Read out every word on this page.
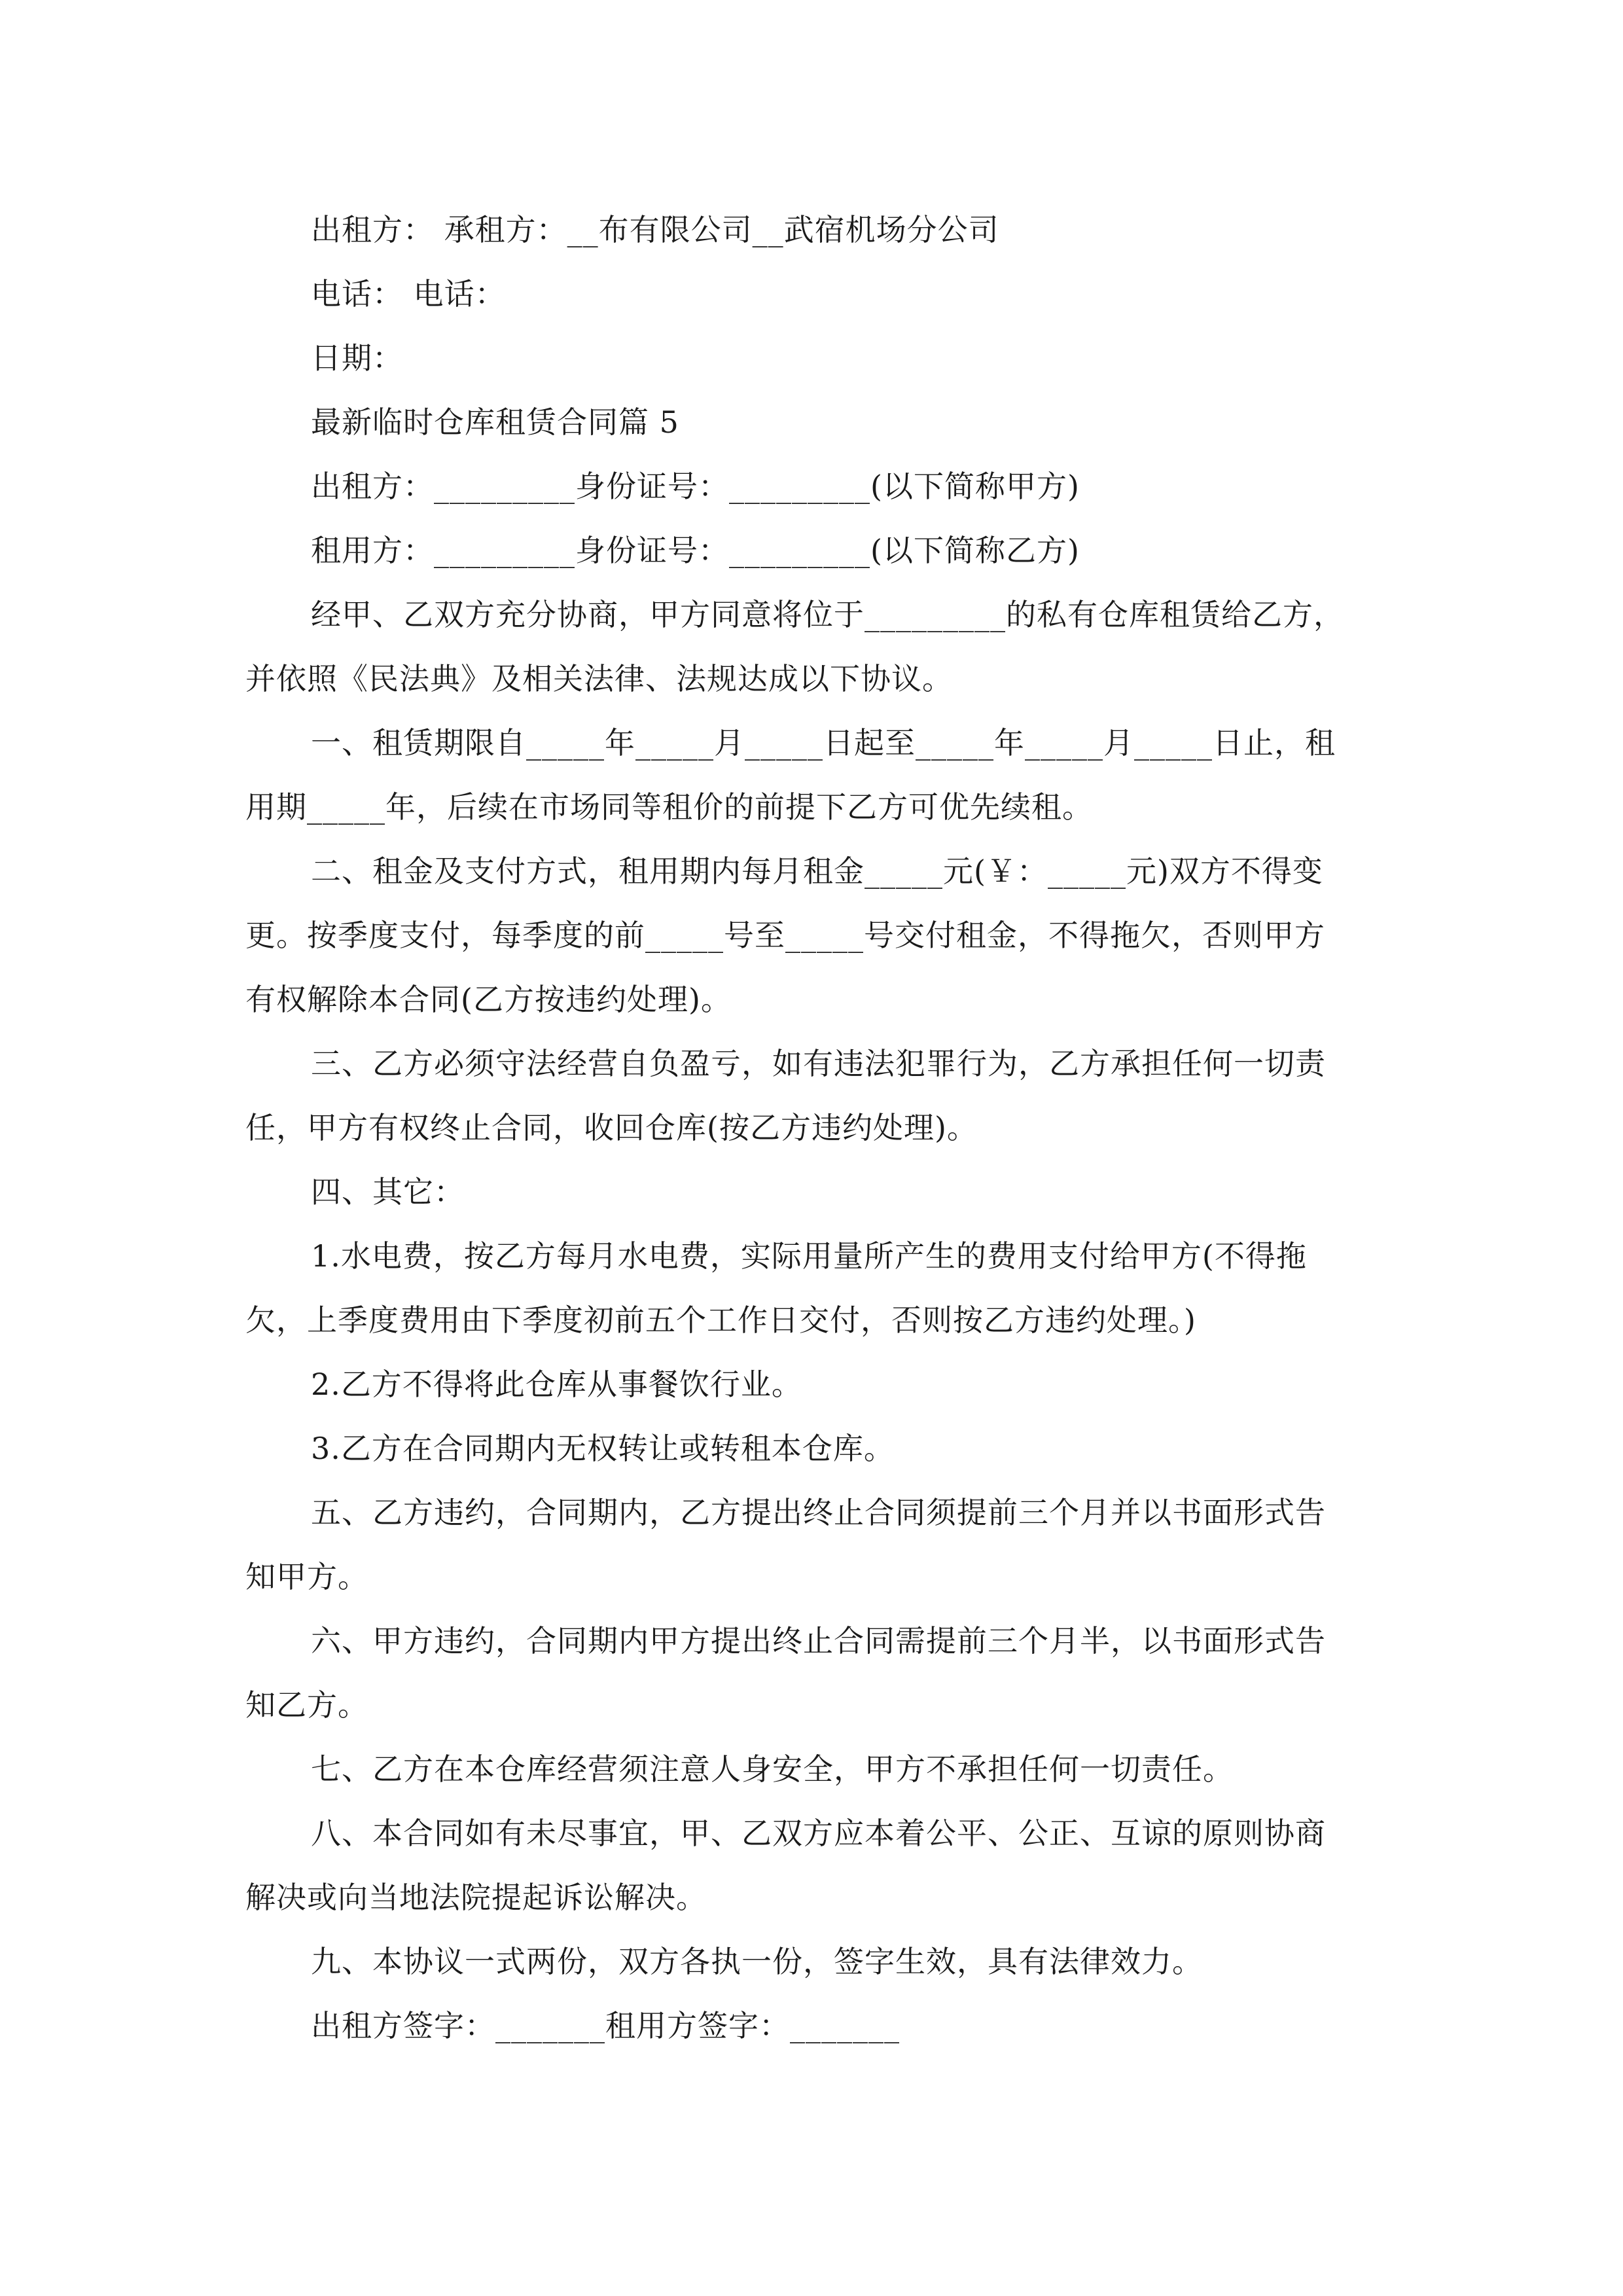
出租方： 承租方：__布有限公司__武宿机场分公司
电话： 电话：
日期：
最新临时仓库租赁合同篇 5
出租方：_________身份证号：_________(以下简称甲方)
租用方：_________身份证号：_________(以下简称乙方)
经甲、乙双方充分协商，甲方同意将位于_________的私有仓库租赁给乙方，
并依照《民法典》及相关法律、法规达成以下协议。
一、租赁期限自_____年_____月_____日起至_____年_____月_____日止，租
用期_____年，后续在市场同等租价的前提下乙方可优先续租。
二、租金及支付方式，租用期内每月租金_____元(￥：_____元)双方不得变
更。按季度支付，每季度的前_____号至_____号交付租金，不得拖欠，否则甲方
有权解除本合同(乙方按违约处理)。
三、乙方必须守法经营自负盈亏，如有违法犯罪行为，乙方承担任何一切责
任，甲方有权终止合同，收回仓库(按乙方违约处理)。
四、其它：
1.水电费，按乙方每月水电费，实际用量所产生的费用支付给甲方(不得拖
欠，上季度费用由下季度初前五个工作日交付，否则按乙方违约处理。)
2.乙方不得将此仓库从事餐饮行业。
3.乙方在合同期内无权转让或转租本仓库。
五、乙方违约，合同期内，乙方提出终止合同须提前三个月并以书面形式告
知甲方。
六、甲方违约，合同期内甲方提出终止合同需提前三个月半，以书面形式告
知乙方。
七、乙方在本仓库经营须注意人身安全，甲方不承担任何一切责任。
八、本合同如有未尽事宜，甲、乙双方应本着公平、公正、互谅的原则协商
解决或向当地法院提起诉讼解决。
九、本协议一式两份，双方各执一份，签字生效，具有法律效力。
出租方签字：_______租用方签字：_______
